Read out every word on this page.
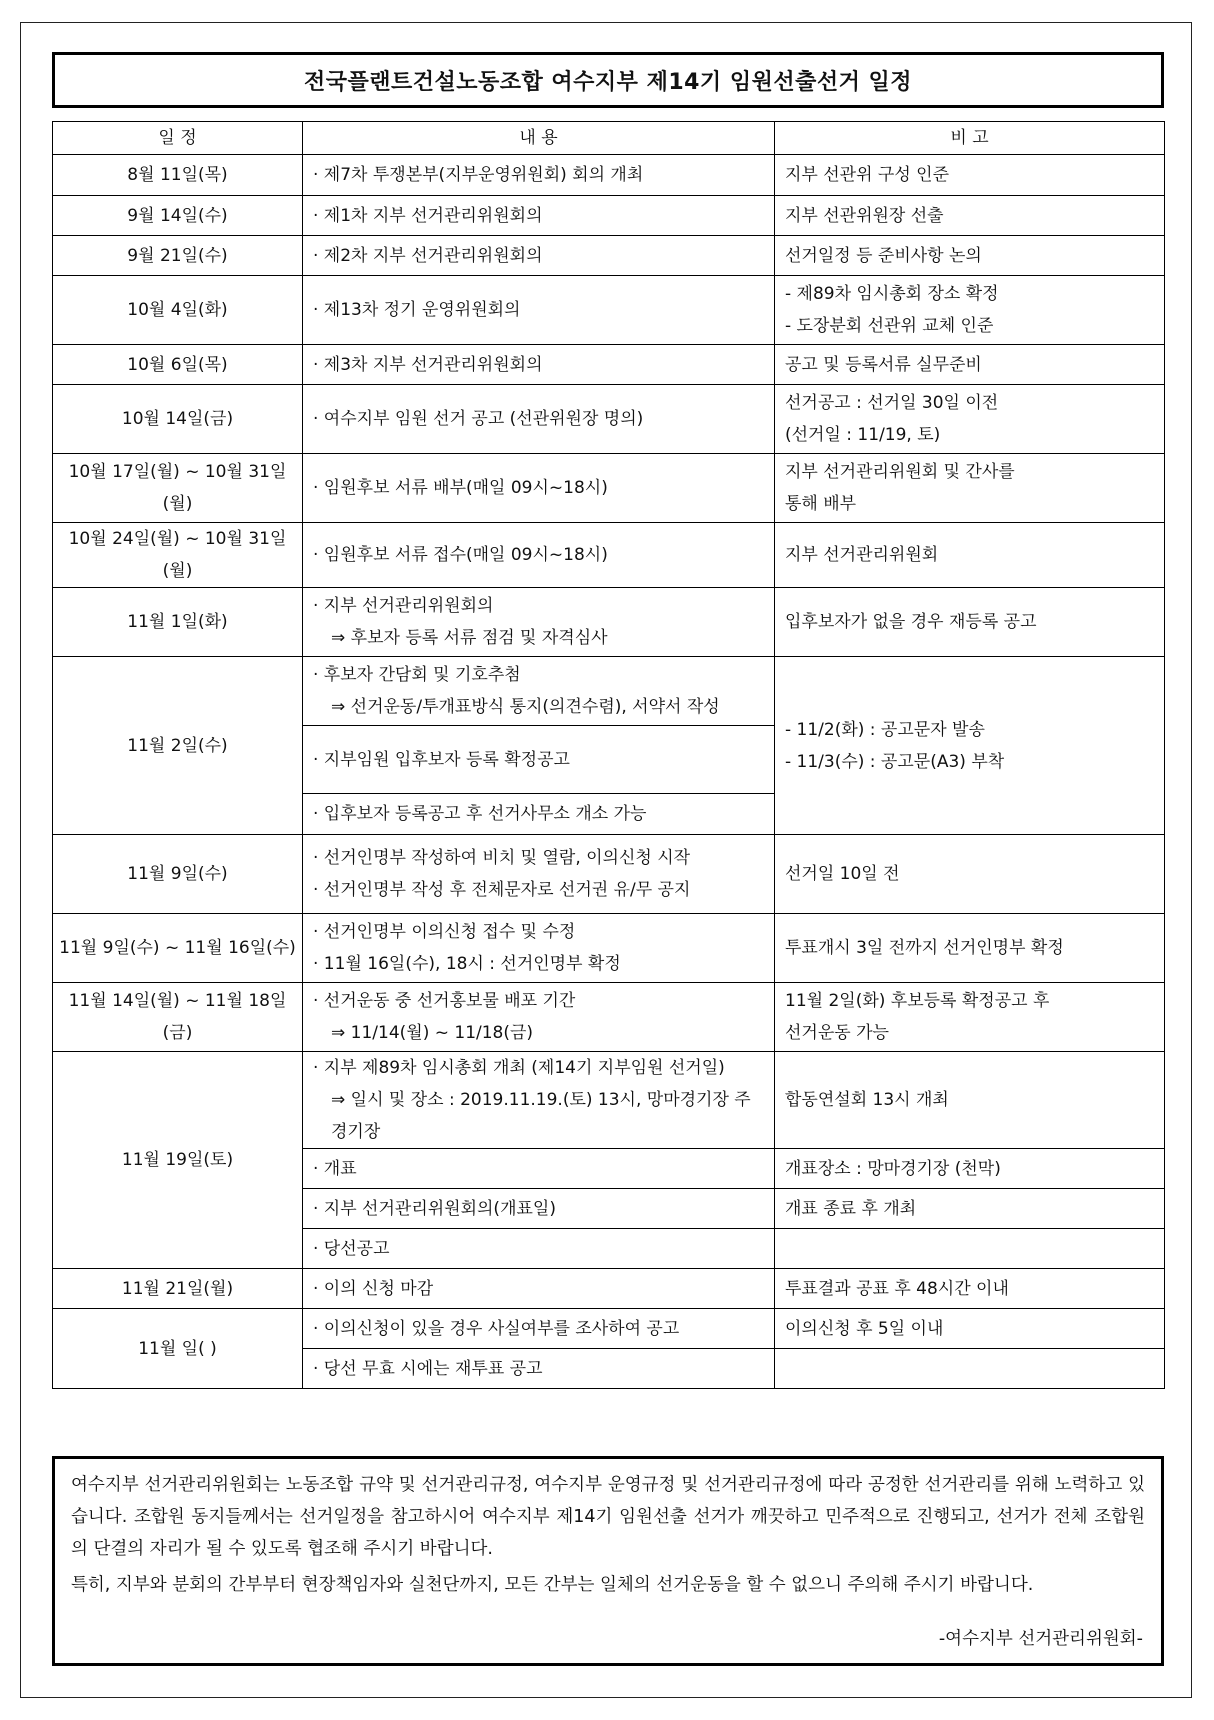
전국플랜트건설노동조합 여수지부 제14기 임원선출선거 일정
일 정	내 용	비 고
8월 11일(목)	· 제7차 투쟁본부(지부운영위원회) 회의 개최	지부 선관위 구성 인준
9월 14일(수)	· 제1차 지부 선거관리위원회의	지부 선관위원장 선출
9월 21일(수)	· 제2차 지부 선거관리위원회의	선거일정 등 준비사항 논의
10월 4일(화)	· 제13차 정기 운영위원회의	- 제89차 임시총회 장소 확정
- 도장분회 선관위 교체 인준

10월 6일(목)	· 제3차 지부 선거관리위원회의	공고 및 등록서류 실무준비
10월 14일(금)	· 여수지부 임원 선거 공고 (선관위원장 명의)	선거공고 : 선거일 30일 이전
(선거일 : 11/19, 토)

10월 17일(월) ~ 10월 31일(월)	· 임원후보 서류 배부(매일 09시~18시)	지부 선거관리위원회 및 간사를
통해 배부

10월 24일(월) ~ 10월 31일(월)	· 임원후보 서류 접수(매일 09시~18시)	지부 선거관리위원회
11월 1일(화)	· 지부 선거관리위원회의
⇒ 후보자 등록 서류 점검 및 자격심사	입후보자가 없을 경우 재등록 공고
11월 2일(수)	· 후보자 간담회 및 기호추첨
⇒ 선거운동/투개표방식 통지(의견수렴), 서약서 작성	- 11/2(화) : 공고문자 발송
- 11/3(수) : 공고문(A3) 부착

	· 지부임원 입후보자 등록 확정공고	
	· 입후보자 등록공고 후 선거사무소 개소 가능	
11월 9일(수)	· 선거인명부 작성하여 비치 및 열람, 이의신청 시작
· 선거인명부 작성 후 전체문자로 선거권 유/무 공지	선거일 10일 전
11월 9일(수) ~ 11월 16일(수)	· 선거인명부 이의신청 접수 및 수정
· 11월 16일(수), 18시 : 선거인명부 확정	투표개시 3일 전까지 선거인명부 확정
11월 14일(월) ~ 11월 18일(금)	· 선거운동 중 선거홍보물 배포 기간
⇒ 11/14(월) ~ 11/18(금)	11월 2일(화) 후보등록 확정공고 후
선거운동 가능

11월 19일(토)	· 지부 제89차 임시총회 개최 (제14기 지부임원 선거일)
⇒ 일시 및 장소 : 2019.11.19.(토) 13시, 망마경기장 주경기장	합동연설회 13시 개최
	· 개표	개표장소 : 망마경기장 (천막)
	· 지부 선거관리위원회의(개표일)	개표 종료 후 개최
	· 당선공고	
11월 21일(월)	· 이의 신청 마감	투표결과 공표 후 48시간 이내
11월 일( )	· 이의신청이 있을 경우 사실여부를 조사하여 공고	이의신청 후 5일 이내
	· 당선 무효 시에는 재투표 공고	

여수지부 선거관리위원회는 노동조합 규약 및 선거관리규정, 여수지부 운영규정 및 선거관리규정에 따라 공정한 선거관리를 위해 노력하고 있습니다. 조합원 동지들께서는 선거일정을 참고하시어 여수지부 제14기 임원선출 선거가 깨끗하고 민주적으로 진행되고, 선거가 전체 조합원의 단결의 자리가 될 수 있도록 협조해 주시기 바랍니다.

특히, 지부와 분회의 간부부터 현장책임자와 실천단까지, 모든 간부는 일체의 선거운동을 할 수 없으니 주의해 주시기 바랍니다.

-여수지부 선거관리위원회-
